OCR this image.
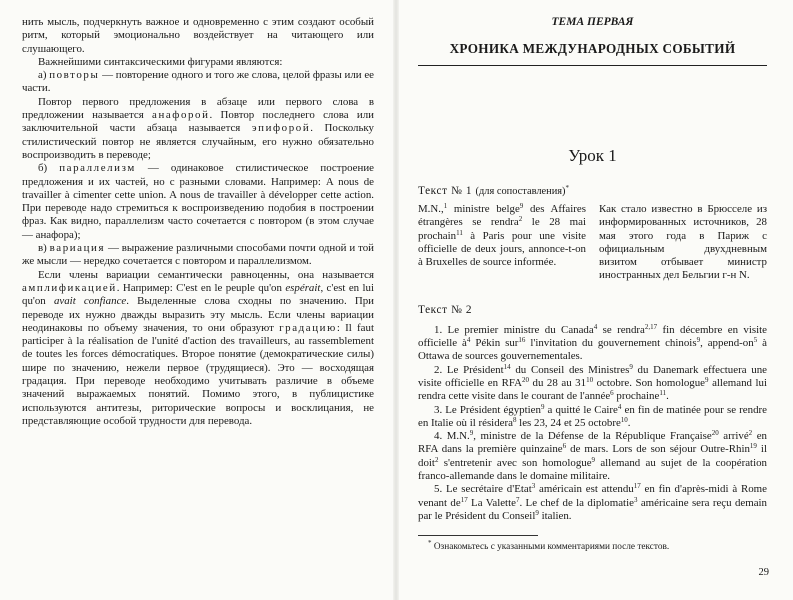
нить мысль, подчеркнуть важное и одновременно с этим создают особый ритм, который эмоционально воздействует на читающего или слушающего.

Важнейшими синтаксическими фигурами являются:

а) повторы — повторение одного и того же слова, целой фразы или ее части.

Повтор первого предложения в абзаце или первого слова в предложении называется анафорой. Повтор последнего слова или заключительной части абзаца называется эпифорой. Поскольку стилистический повтор не является случайным, его нужно обязательно воспроизводить в переводе;

б) параллелизм — одинаковое стилистическое построение предложения и их частей, но с разными словами. Например: A nous de travailler à cimenter cette union. A nous de travailler à développer cette action. При переводе надо стремиться к воспроизведению подобия в построении фраз. Как видно, параллелизм часто сочетается с повтором (в этом случае — анафора);

в) вариация — выражение различными способами почти одной и той же мысли — нередко сочетается с повтором и параллелизмом.

Если члены вариации семантически равноценны, она называется амплификацией. Например: C'est en le peuple qu'on espérait, c'est en lui qu'on avait confiance. Выделенные слова сходны по значению. При переводе их нужно дважды выразить эту мысль. Если члены вариации неодинаковы по объему значения, то они образуют градацию: Il faut participer à la réalisation de l'unité d'action des travailleurs, au rassemblement de toutes les forces démocratiques. Второе понятие (демократические силы) шире по значению, нежели первое (трудящиеся). Это — восходящая градация. При переводе необходимо учитывать различие в объеме значений выражаемых понятий. Помимо этого, в публицистике используются антитезы, риторические вопросы и восклицания, не представляющие особой трудности для перевода.

ТЕМА ПЕРВАЯ
ХРОНИКА МЕЖДУНАРОДНЫХ СОБЫТИЙ
Урок 1
Текст № 1 (для сопоставления)*

M.N.,$^1$ ministre belge$^9$ des Affaires étrangères se rendra$^2$ le 28 mai prochain$^{11}$ à Paris pour une visite officielle de deux jours, annonce-t-on à Bruxelles de source informée.

Как стало известно в Брюсселе из информированных источников, 28 мая этого года в Париж с официальным двухдневным визитом отбывает министр иностранных дел Бельгии г-н N.

Текст № 2

1. Le premier ministre du Canada$^4$ se rendra$^{2,17}$ fin décembre en visite officielle $à^4$ Pékin sur$^{16}$ l'invitation du gouvernement chinois$^9$, append-$on^5$ à Ottawa de sources gouvernementales.

2. Le Président$^{14}$ du Conseil des Ministres$^9$ du Danemark effectuera une visite officielle en RFA$^{20}$ du 28 au $31^{10}$ octobre. Son homologue$^9$ allemand lui rendra cette visite dans le courant de l'année$^6$ prochaine$^{11}$.

3. Le Président égyptien$^9$ a quitté le Caire$^4$ en fin de matinée pour se rendre en Italie où il résidera$^8$ les 23, 24 et 25 octobre$^{10}$.

4. M.N.$^9$, ministre de la Défense de la République Française$^{20}$ arrivé$^2$ en RFA dans la première quinzaine$^6$ de mars. Lors de son séjour Outre-Rhin$^{19}$ il doit$^2$ s'entretenir avec son homologue$^9$ allemand au sujet de la coopération franco-allemande dans le domaine militaire.

5. Le secrétaire d'Etat$^3$ américain est attendu$^{17}$ en fin d'après-midi à Rome venant $de^{17}$ La Valette$^7$. Le chef de la diplomatie$^3$ américaine sera reçu demain par le Président du Conseil$^9$ italien.

* Ознакомьтесь с указанными комментариями после текстов.

29
